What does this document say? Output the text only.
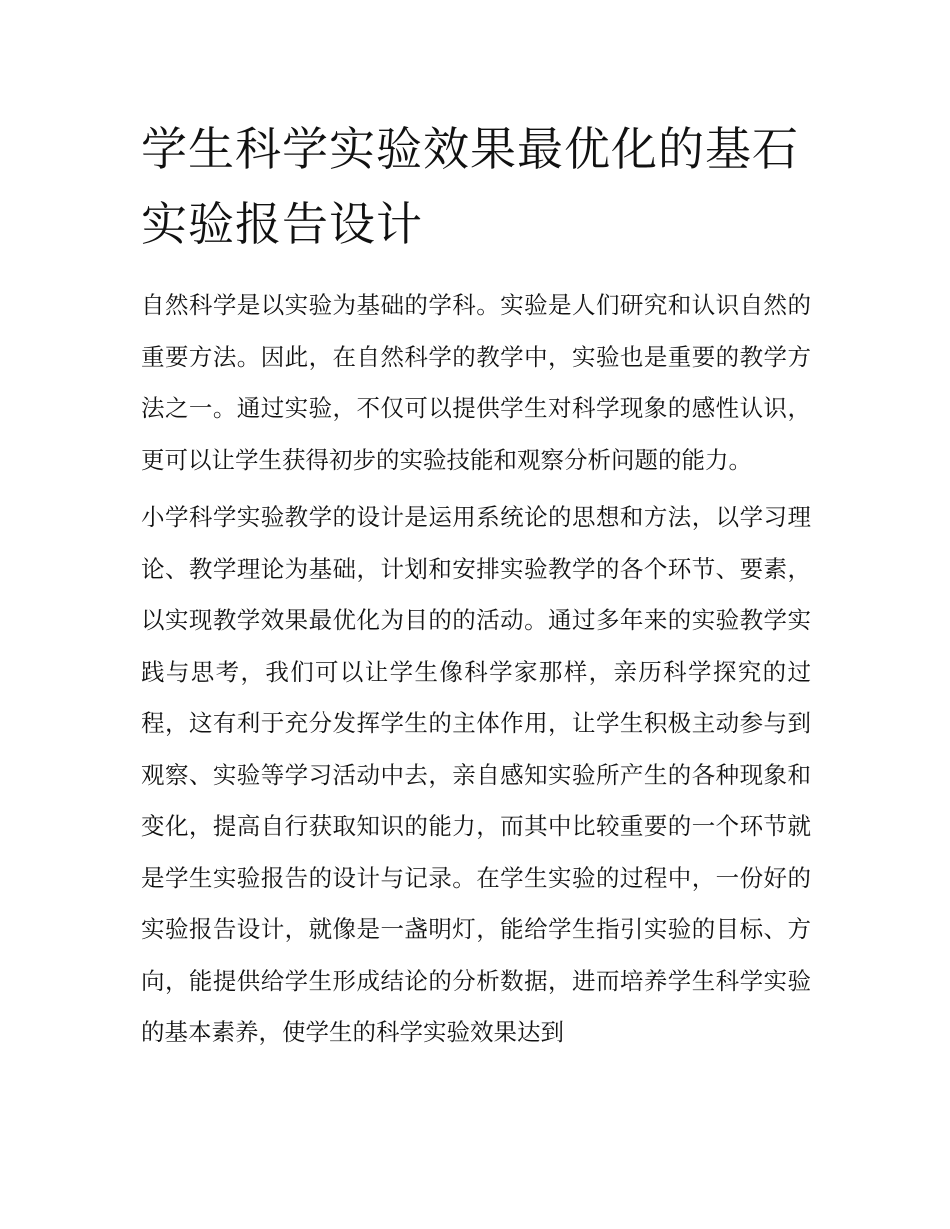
学生科学实验效果最优化的基石实验报告设计

自然科学是以实验为基础的学科。实验是人们研究和认识自然的重要方法。因此，在自然科学的教学中，实验也是重要的教学方法之一。通过实验，不仅可以提供学生对科学现象的感性认识，更可以让学生获得初步的实验技能和观察分析问题的能力。

小学科学实验教学的设计是运用系统论的思想和方法，以学习理论、教学理论为基础，计划和安排实验教学的各个环节、要素，以实现教学效果最优化为目的的活动。通过多年来的实验教学实践与思考，我们可以让学生像科学家那样，亲历科学探究的过程，这有利于充分发挥学生的主体作用，让学生积极主动参与到观察、实验等学习活动中去，亲自感知实验所产生的各种现象和变化，提高自行获取知识的能力，而其中比较重要的一个环节就是学生实验报告的设计与记录。在学生实验的过程中，一份好的实验报告设计，就像是一盏明灯，能给学生指引实验的目标、方向，能提供给学生形成结论的分析数据，进而培养学生科学实验的基本素养，使学生的科学实验效果达到
